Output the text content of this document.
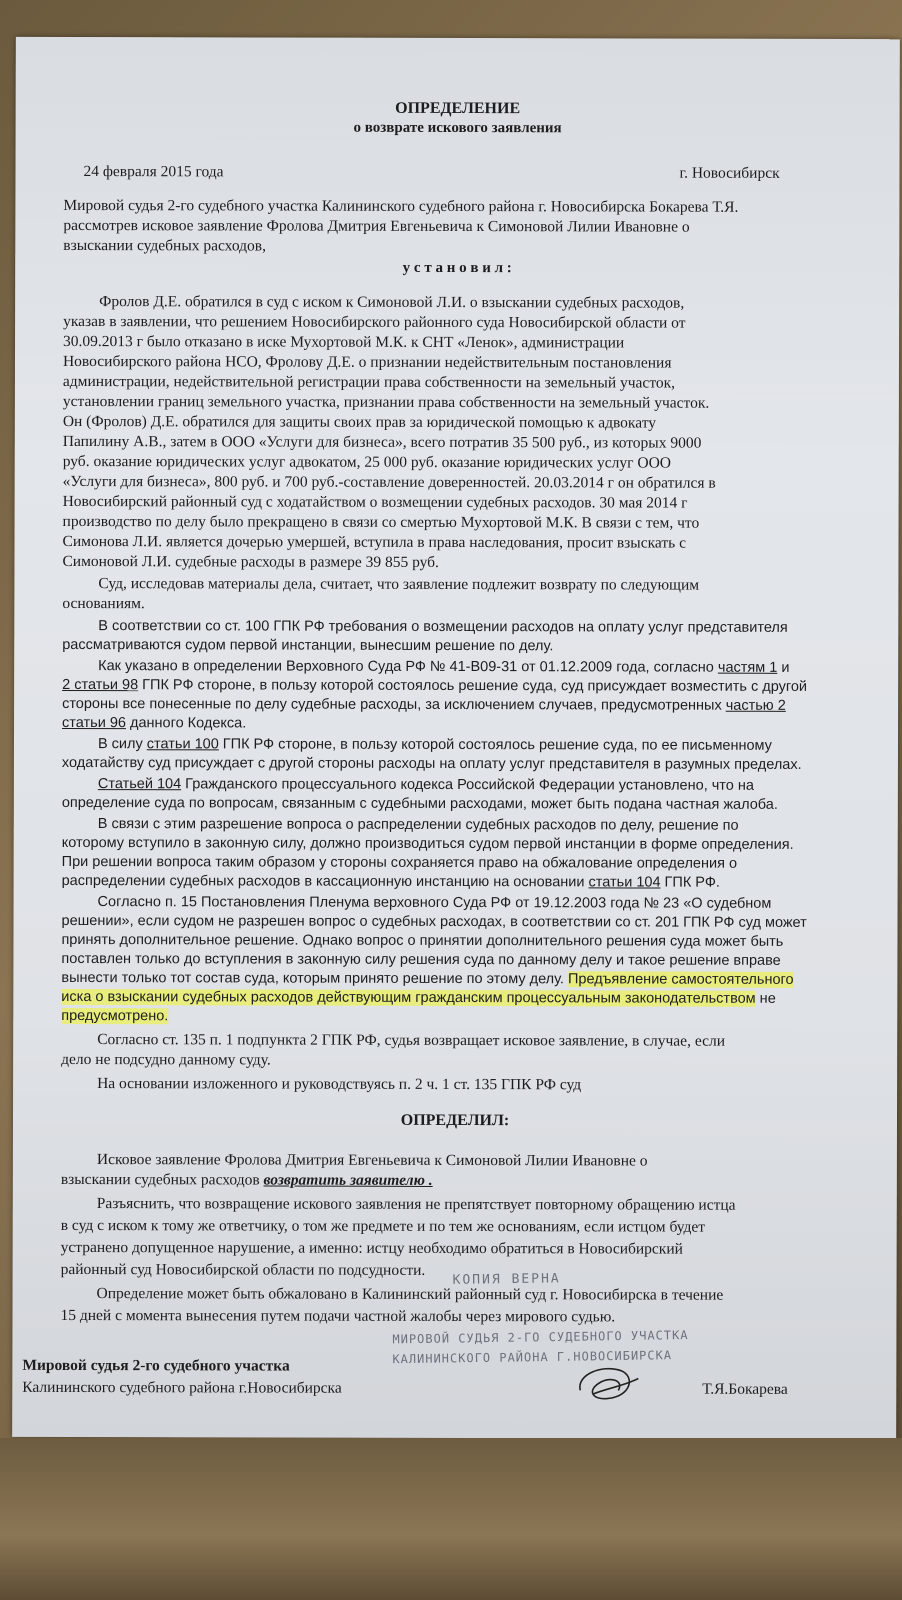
ОПРЕДЕЛЕНИЕ
о возврате искового заявления
24 февраля 2015 года	г. Новосибирск
Мировой судья 2-го судебного участка Калининского судебного района г. Новосибирска Бокарева Т.Я.
рассмотрев исковое заявление Фролова Дмитрия Евгеньевича к Симоновой Лилии Ивановне о
взыскании судебных расходов,
у с т а н о в и л :
Фролов Д.Е. обратился в суд с иском к Симоновой Л.И. о взыскании судебных расходов,
указав в заявлении, что решением Новосибирского районного суда Новосибирской области от
30.09.2013 г было отказано в иске Мухортовой М.К. к СНТ «Ленок», администрации
Новосибирского района НСО, Фролову Д.Е. о признании недействительным постановления
администрации, недействительной регистрации права собственности на земельный участок,
установлении границ земельного участка, признании права собственности на земельный участок.
Он (Фролов) Д.Е. обратился для защиты своих прав за юридической помощью к адвокату
Папилину А.В., затем в ООО «Услуги для бизнеса», всего потратив 35 500 руб., из которых 9000
руб. оказание юридических услуг адвокатом, 25 000 руб. оказание юридических услуг ООО
«Услуги для бизнеса», 800 руб. и 700 руб.-составление доверенностей. 20.03.2014 г он обратился в
Новосибирский районный суд с ходатайством о возмещении судебных расходов. 30 мая 2014 г
производство по делу было прекращено в связи со смертью Мухортовой М.К. В связи с тем, что
Симонова Л.И. является дочерью умершей, вступила в права наследования, просит взыскать с
Симоновой Л.И. судебные расходы в размере 39 855 руб.
Суд, исследовав материалы дела, считает, что заявление подлежит возврату по следующим
основаниям.
В соответствии со ст. 100 ГПК РФ требования о возмещении расходов на оплату услуг представителя
рассматриваются судом первой инстанции, вынесшим решение по делу.
Как указано в определении Верховного Суда РФ № 41-В09-31 от 01.12.2009 года, согласно частям 1 и
2 статьи 98 ГПК РФ стороне, в пользу которой состоялось решение суда, суд присуждает возместить с другой
стороны все понесенные по делу судебные расходы, за исключением случаев, предусмотренных частью 2
статьи 96 данного Кодекса.
В силу статьи 100 ГПК РФ стороне, в пользу которой состоялось решение суда, по ее письменному
ходатайству суд присуждает с другой стороны расходы на оплату услуг представителя в разумных пределах.
Статьей 104 Гражданского процессуального кодекса Российской Федерации установлено, что на
определение суда по вопросам, связанным с судебными расходами, может быть подана частная жалоба.
В связи с этим разрешение вопроса о распределении судебных расходов по делу, решение по
которому вступило в законную силу, должно производиться судом первой инстанции в форме определения.
При решении вопроса таким образом у стороны сохраняется право на обжалование определения о
распределении судебных расходов в кассационную инстанцию на основании статьи 104 ГПК РФ.
Согласно п. 15 Постановления Пленума верховного Суда РФ от 19.12.2003 года № 23 «О судебном
решении», если судом не разрешен вопрос о судебных расходах, в соответствии со ст. 201 ГПК РФ суд может
принять дополнительное решение. Однако вопрос о принятии дополнительного решения суда может быть
поставлен только до вступления в законную силу решения суда по данному делу и такое решение вправе
вынести только тот состав суда, которым принято решение по этому делу. Предъявление самостоятельного
иска о взыскании судебных расходов действующим гражданским процессуальным законодательством не
предусмотрено.
Согласно ст. 135 п. 1 подпункта 2 ГПК РФ, судья возвращает исковое заявление, в случае, если
дело не подсудно данному суду.
На основании изложенного и руководствуясь п. 2 ч. 1 ст. 135 ГПК РФ суд
ОПРЕДЕЛИЛ:
Исковое заявление Фролова Дмитрия Евгеньевича к Симоновой Лилии Ивановне о
взыскании судебных расходов возвратить заявителю .
Разъяснить, что возвращение искового заявления не препятствует повторному обращению истца
в суд с иском к тому же ответчику, о том же предмете и по тем же основаниям, если истцом будет
устранено допущенное нарушение, а именно: истцу необходимо обратиться в Новосибирский
районный суд Новосибирской области по подсудности.
Определение может быть обжаловано в Калининский районный суд г. Новосибирска в течение
15 дней с момента вынесения путем подачи частной жалобы через мирового судью.
КОПИЯ ВЕРНА
МИРОВОЙ СУДЬЯ 2-ГО СУДЕБНОГО УЧАСТКА
КАЛИНИНСКОГО РАЙОНА Г.НОВОСИБИРСКА
Мировой судья 2-го судебного участка
Калининского судебного района г.Новосибирска	Т.Я.Бокарева
